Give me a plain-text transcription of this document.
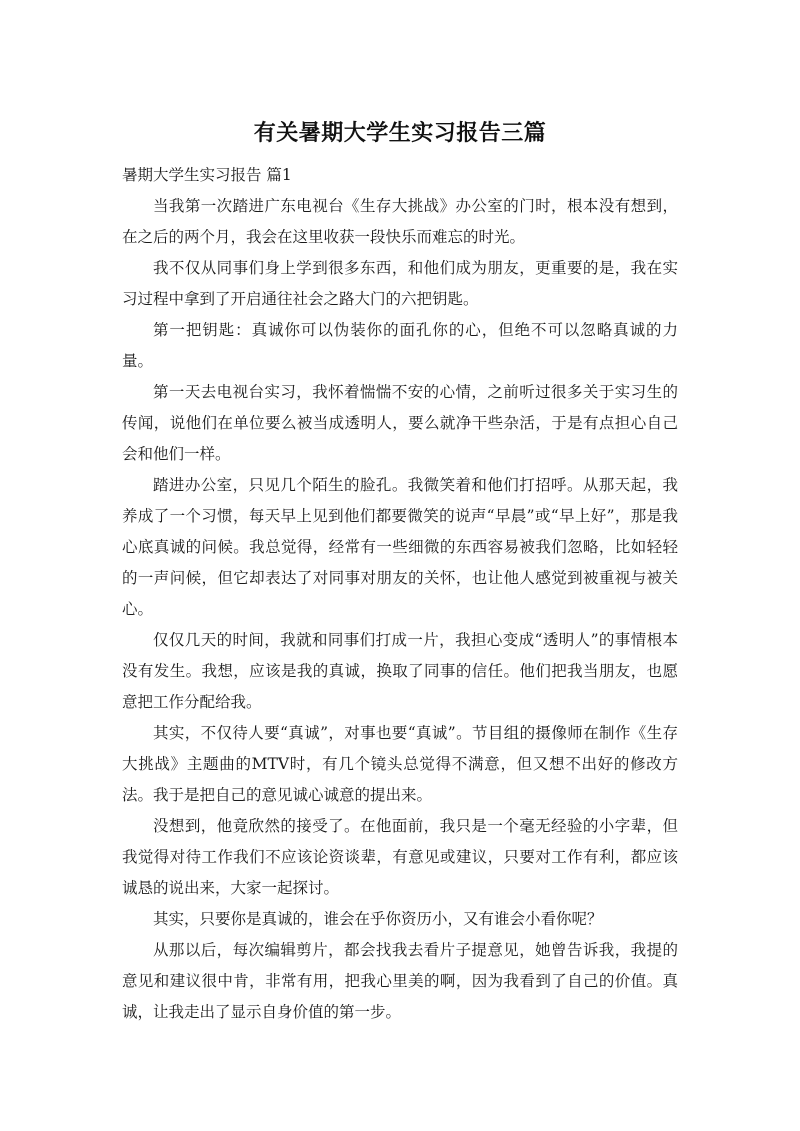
有关暑期大学生实习报告三篇

暑期大学生实习报告 篇1

当我第一次踏进广东电视台《生存大挑战》办公室的门时，根本没有想到，在之后的两个月，我会在这里收获一段快乐而难忘的时光。

我不仅从同事们身上学到很多东西，和他们成为朋友，更重要的是，我在实习过程中拿到了开启通往社会之路大门的六把钥匙。

第一把钥匙：真诚你可以伪装你的面孔你的心，但绝不可以忽略真诚的力量。

第一天去电视台实习，我怀着惴惴不安的心情，之前听过很多关于实习生的传闻，说他们在单位要么被当成透明人，要么就净干些杂活，于是有点担心自己会和他们一样。

踏进办公室，只见几个陌生的脸孔。我微笑着和他们打招呼。从那天起，我养成了一个习惯，每天早上见到他们都要微笑的说声“早晨”或“早上好”，那是我心底真诚的问候。我总觉得，经常有一些细微的东西容易被我们忽略，比如轻轻的一声问候，但它却表达了对同事对朋友的关怀，也让他人感觉到被重视与被关心。

仅仅几天的时间，我就和同事们打成一片，我担心变成“透明人”的事情根本没有发生。我想，应该是我的真诚，换取了同事的信任。他们把我当朋友，也愿意把工作分配给我。

其实，不仅待人要“真诚”，对事也要“真诚”。节目组的摄像师在制作《生存大挑战》主题曲的MTV时，有几个镜头总觉得不满意，但又想不出好的修改方法。我于是把自己的意见诚心诚意的提出来。

没想到，他竟欣然的接受了。在他面前，我只是一个毫无经验的小字辈，但我觉得对待工作我们不应该论资谈辈，有意见或建议，只要对工作有利，都应该诚恳的说出来，大家一起探讨。

其实，只要你是真诚的，谁会在乎你资历小，又有谁会小看你呢？

从那以后，每次编辑剪片，都会找我去看片子提意见，她曾告诉我，我提的意见和建议很中肯，非常有用，把我心里美的啊，因为我看到了自己的价值。真诚，让我走出了显示自身价值的第一步。
